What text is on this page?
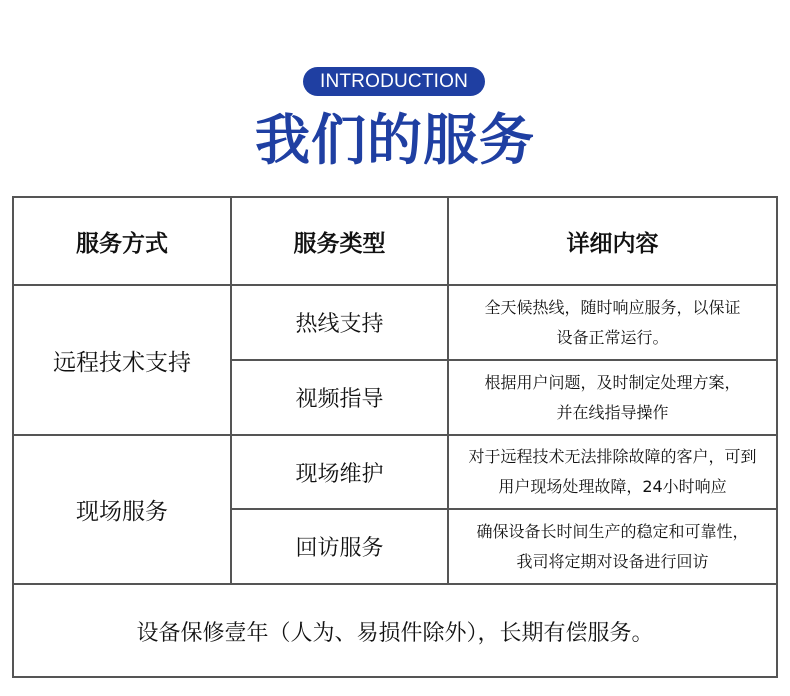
INTRODUCTION
我们的服务
服务方式	服务类型	详细内容
远程技术支持
热线支持
全天候热线，随时响应服务，以保证
设备正常运行。
视频指导
根据用户问题，及时制定处理方案，
并在线指导操作
现场服务
现场维护
对于远程技术无法排除故障的客户，可到
用户现场处理故障，24小时响应
回访服务
确保设备长时间生产的稳定和可靠性，
我司将定期对设备进行回访
设备保修壹年（人为、易损件除外），长期有偿服务。
